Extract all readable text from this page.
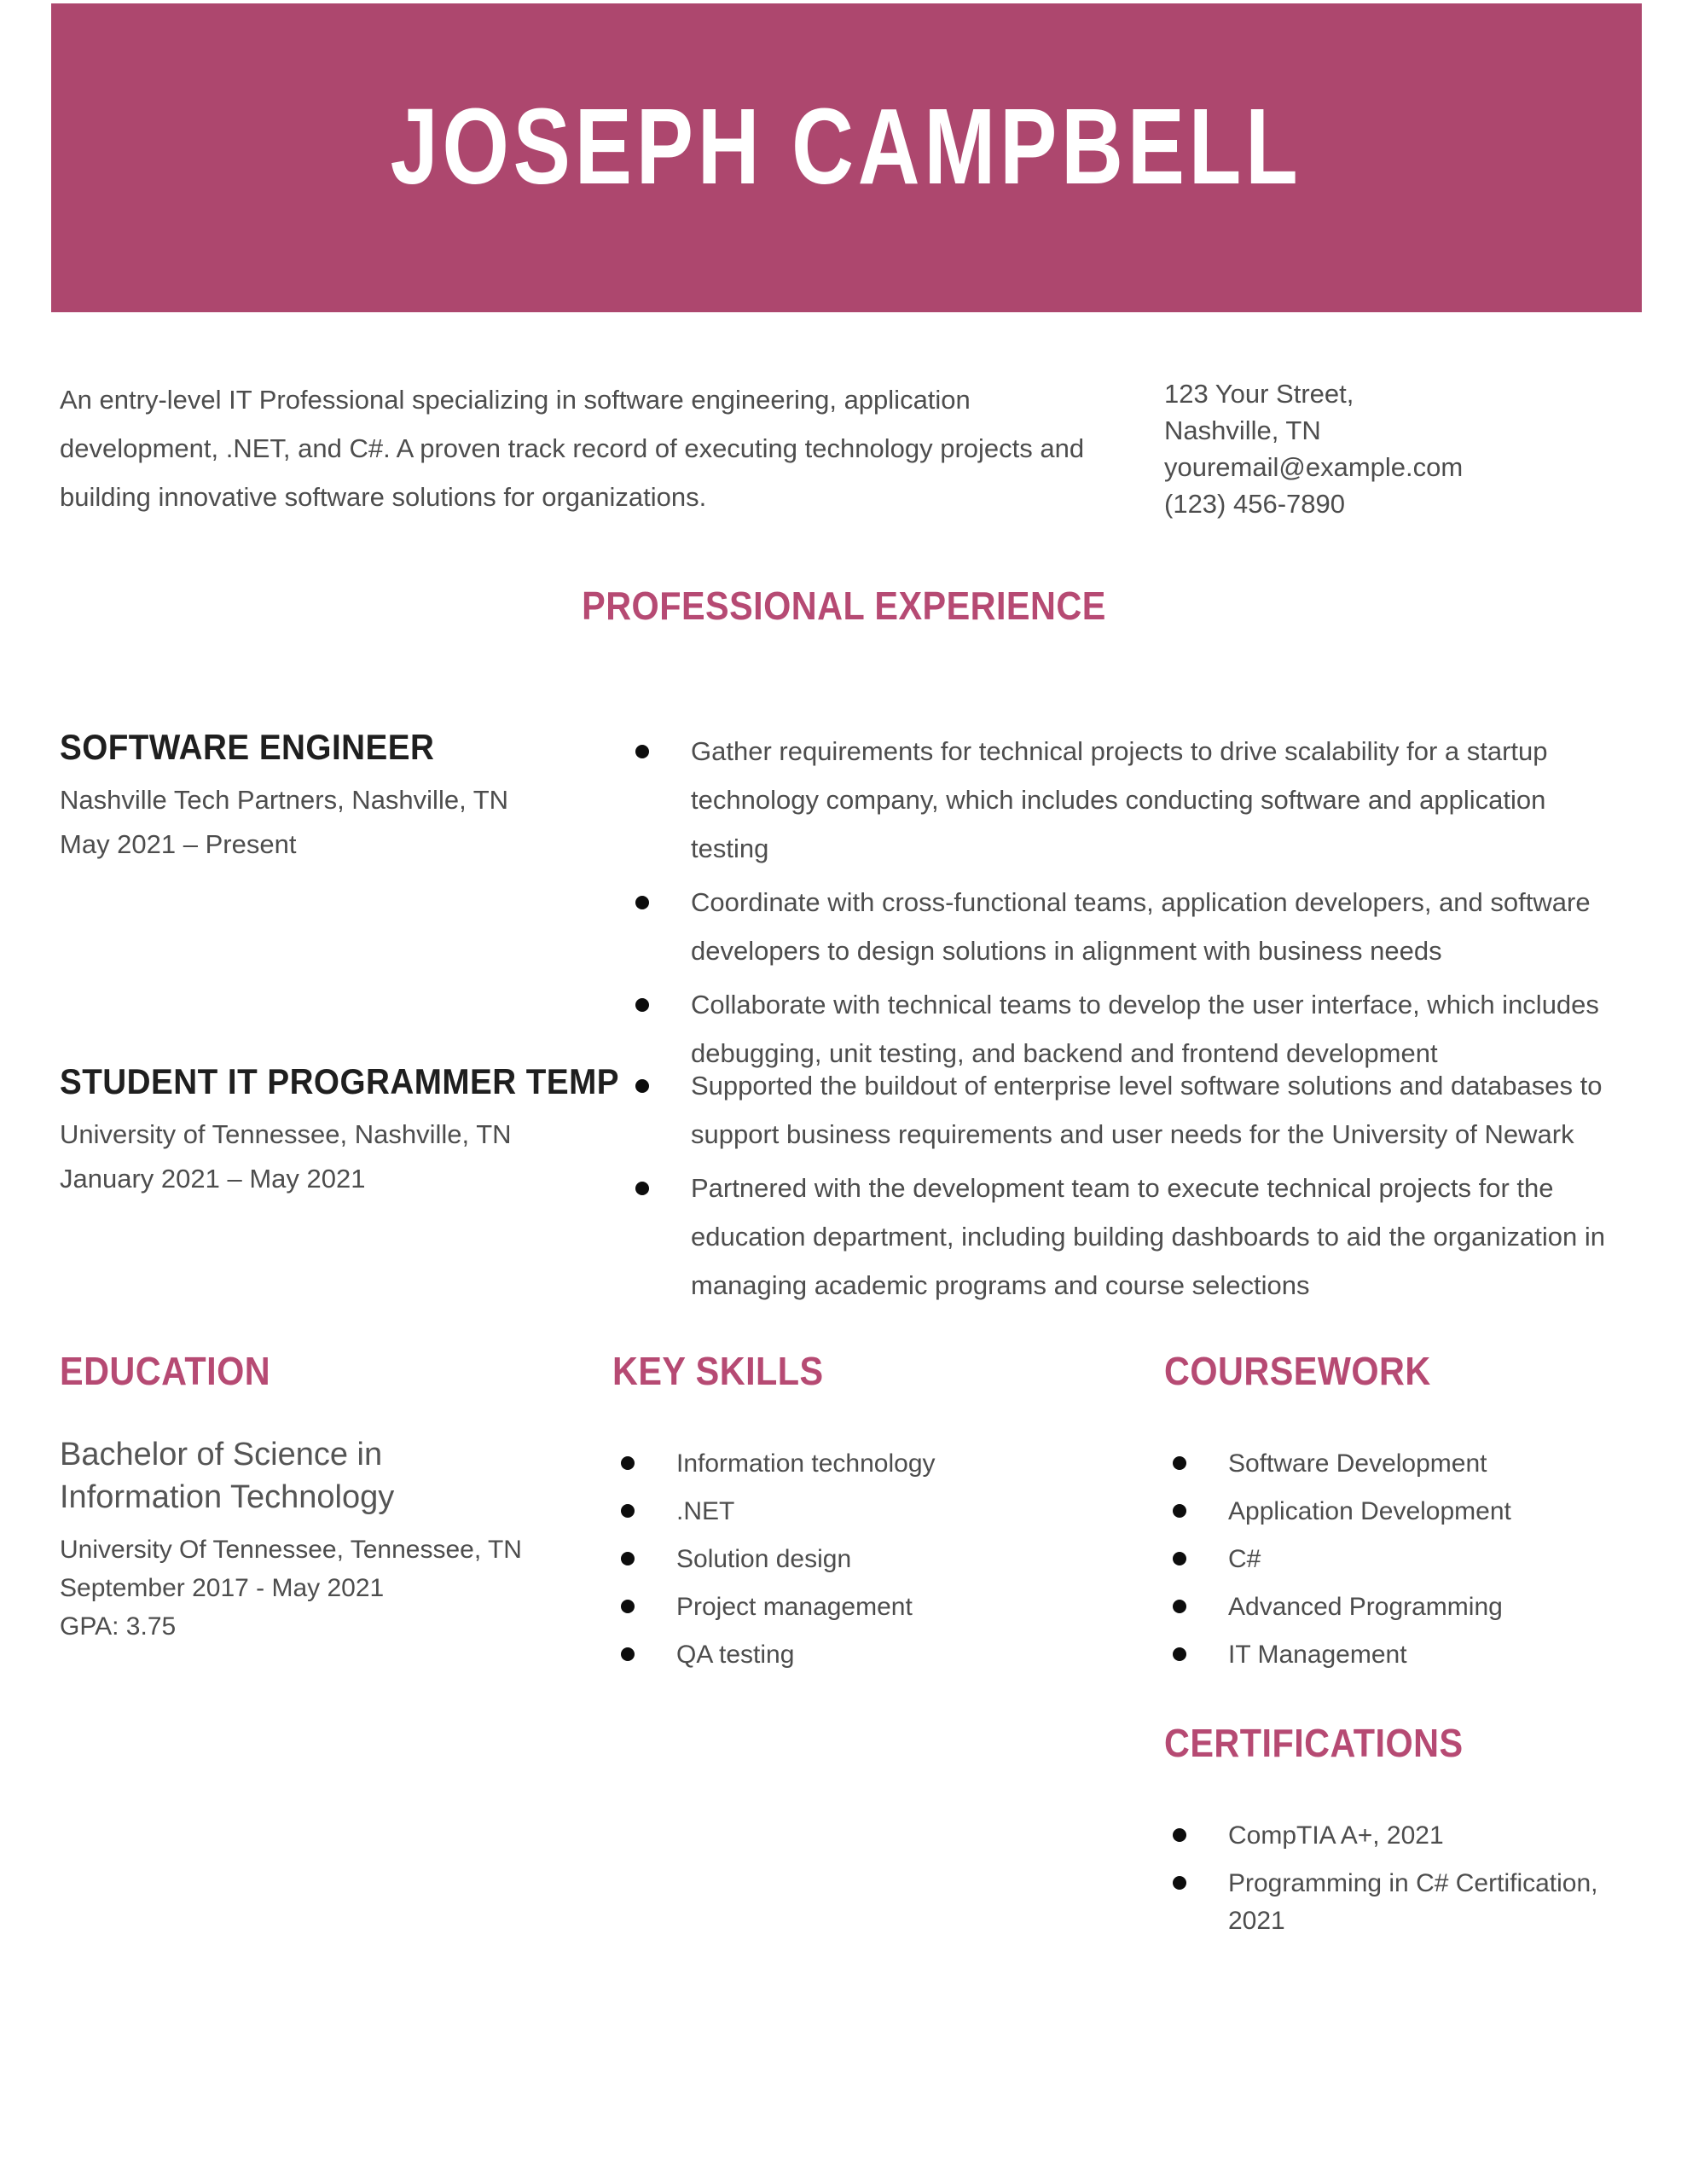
JOSEPH CAMPBELL
An entry-level IT Professional specializing in software engineering, application development, .NET, and C#. A proven track record of executing technology projects and building innovative software solutions for organizations.
123 Your Street,
Nashville, TN
youremail@example.com
(123) 456-7890
PROFESSIONAL EXPERIENCE
SOFTWARE ENGINEER
Nashville Tech Partners, Nashville, TN
May 2021 – Present
Gather requirements for technical projects to drive scalability for a startup technology company, which includes conducting software and application testing
Coordinate with cross-functional teams, application developers, and software developers to design solutions in alignment with business needs
Collaborate with technical teams to develop the user interface, which includes debugging, unit testing, and backend and frontend development
STUDENT IT PROGRAMMER TEMP
University of Tennessee, Nashville, TN
January 2021 – May 2021
Supported the buildout of enterprise level software solutions and databases to support business requirements and user needs for the University of Newark
Partnered with the development team to execute technical projects for the education department, including building dashboards to aid the organization in managing academic programs and course selections
EDUCATION
Bachelor of Science in Information Technology
University Of Tennessee, Tennessee, TN
September 2017 - May 2021
GPA: 3.75
KEY SKILLS
Information technology
.NET
Solution design
Project management
QA testing
COURSEWORK
Software Development
Application Development
C#
Advanced Programming
IT Management
CERTIFICATIONS
CompTIA A+, 2021
Programming in C# Certification, 2021
